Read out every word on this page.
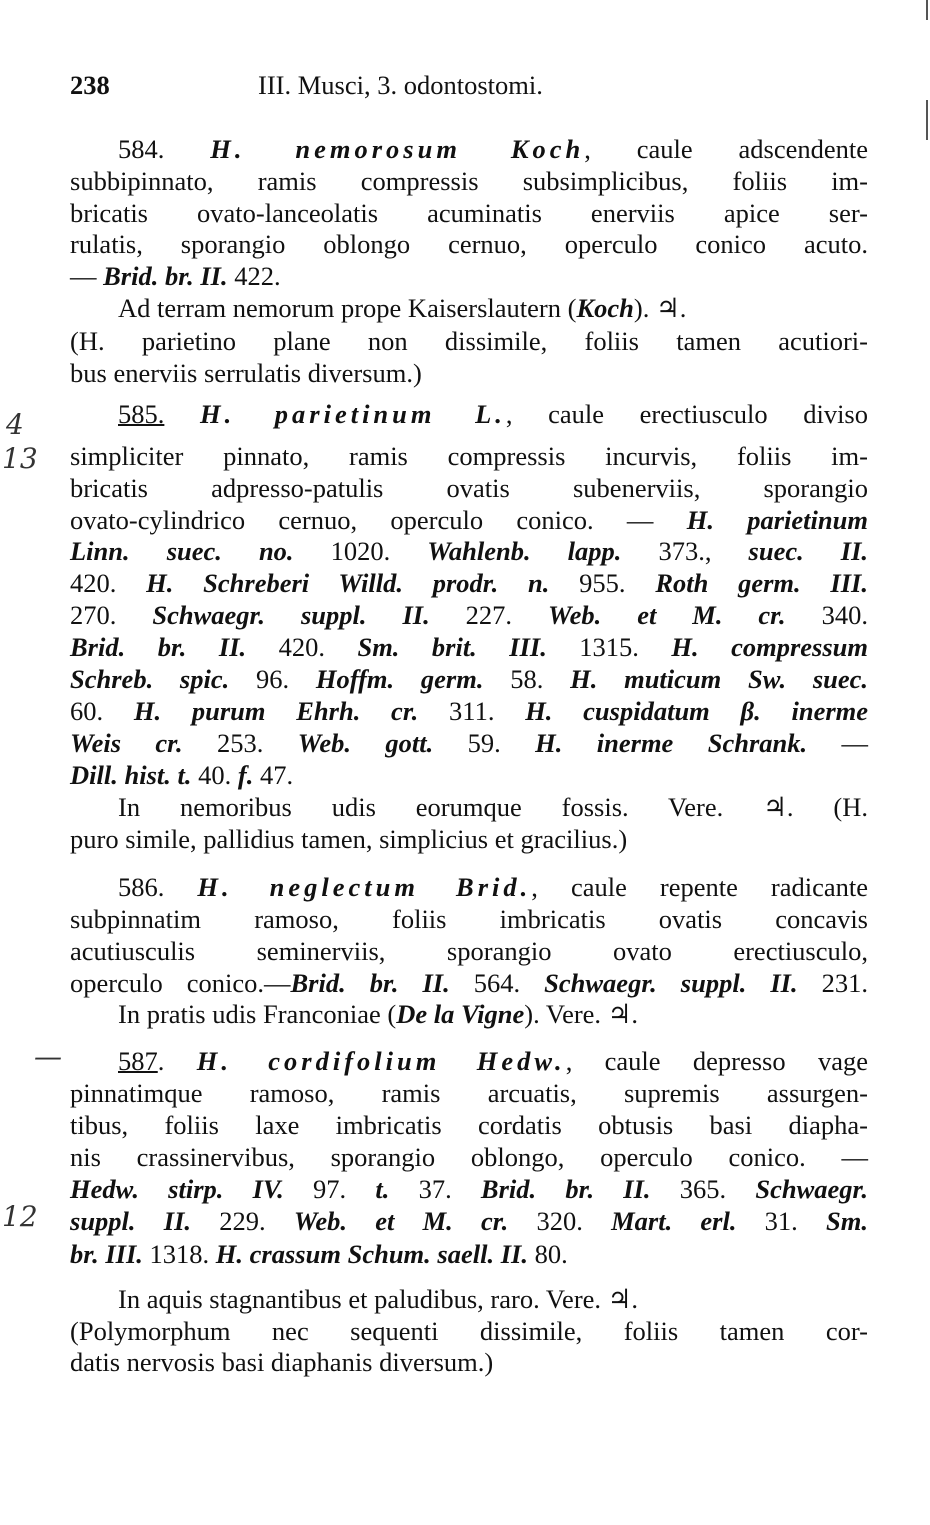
238	III. Musci, 3. odontostomi.
584. H. nemorosum Koch, caule adscendente
subbipinnato, ramis compressis subsimplicibus, foliis im-
bricatis ovato-lanceolatis acuminatis enerviis apice ser-
rulatis, sporangio oblongo cernuo, operculo conico acuto.
— Brid. br. II. 422.
Ad terram nemorum prope Kaiserslautern (Koch). ♃.
(H. parietino plane non dissimile, foliis tamen acutiori-
bus enerviis serrulatis diversum.)
585. H. parietinum L., caule erectiusculo diviso
simpliciter pinnato, ramis compressis incurvis, foliis im-
bricatis adpresso-patulis ovatis subenerviis, sporangio
ovato-cylindrico cernuo, operculo conico. — H. parietinum
Linn. suec. no. 1020. Wahlenb. lapp. 373., suec. II.
420. H. Schreberi Willd. prodr. n. 955. Roth germ. III.
270. Schwaegr. suppl. II. 227. Web. et M. cr. 340.
Brid. br. II. 420. Sm. brit. III. 1315. H. compressum
Schreb. spic. 96. Hoffm. germ. 58. H. muticum Sw. suec.
60. H. purum Ehrh. cr. 311. H. cuspidatum β. inerme
Weis cr. 253. Web. gott. 59. H. inerme Schrank. —
Dill. hist. t. 40. f. 47.
In nemoribus udis eorumque fossis. Vere. ♃. (H.
puro simile, pallidius tamen, simplicius et gracilius.)
586. H. neglectum Brid., caule repente radicante
subpinnatim ramoso, foliis imbricatis ovatis concavis
acutiusculis seminerviis, sporangio ovato erectiusculo,
operculo conico.—Brid. br. II. 564. Schwaegr. suppl. II. 231.
In pratis udis Franconiae (De la Vigne). Vere. ♃.
587. H. cordifolium Hedw., caule depresso vage
pinnatimque ramoso, ramis arcuatis, supremis assurgen-
tibus, foliis laxe imbricatis cordatis obtusis basi diapha-
nis crassinervibus, sporangio oblongo, operculo conico. —
Hedw. stirp. IV. 97. t. 37. Brid. br. II. 365. Schwaegr.
suppl. II. 229. Web. et M. cr. 320. Mart. erl. 31. Sm.
br. III. 1318. H. crassum Schum. saell. II. 80.
In aquis stagnantibus et paludibus, raro. Vere. ♃.
(Polymorphum nec sequenti dissimile, foliis tamen cor-
datis nervosis basi diaphanis diversum.)
4
13
—
12
